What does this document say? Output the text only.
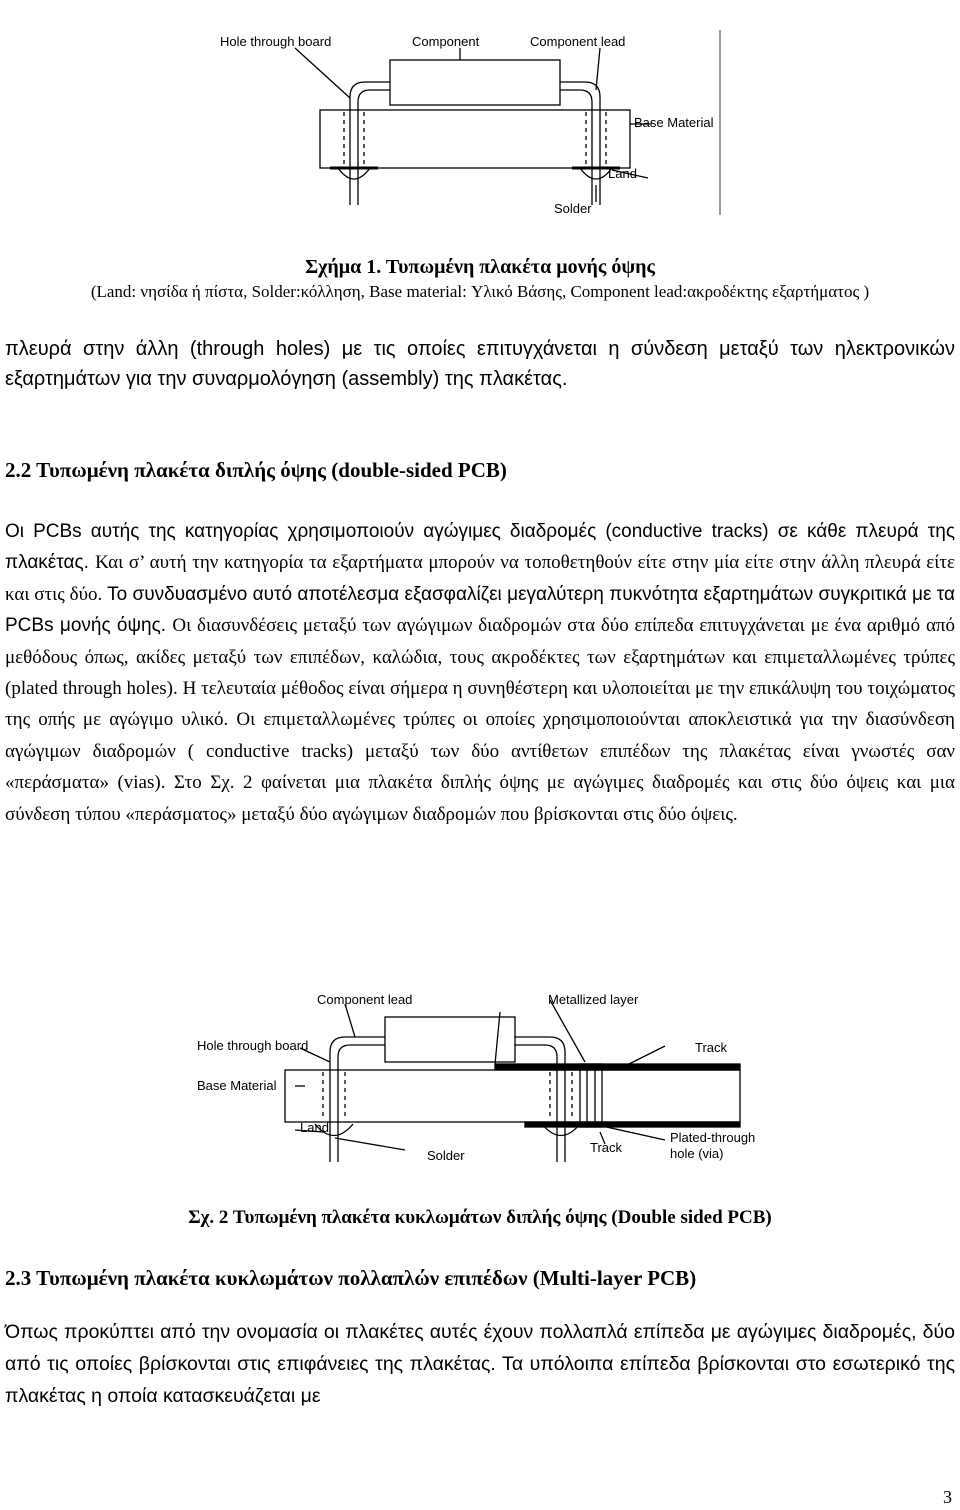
Hole through board	Component	Component lead
Base Material
Land
Solder
Σχήμα 1. Τυπωμένη πλακέτα μονής όψης
(Land: νησίδα ή πίστα, Solder:κόλληση, Base material: Υλικό Βάσης, Component lead:ακροδέκτης εξαρτήματος )
πλευρά στην άλλη (through holes) με τις οποίες επιτυγχάνεται η σύνδεση μεταξύ των ηλεκτρονικών εξαρτημάτων για την συναρμολόγηση (assembly) της πλακέτας.
2.2 Τυπωμένη πλακέτα διπλής όψης (double-sided PCB)
Οι PCBs αυτής της κατηγορίας χρησιμοποιούν αγώγιμες διαδρομές (conductive tracks) σε κάθε πλευρά της πλακέτας. Και σ’ αυτή την κατηγορία τα εξαρτήματα μπορούν να τοποθετηθούν είτε στην μία είτε στην άλλη πλευρά είτε και στις δύο. Το συνδυασμένο αυτό αποτέλεσμα εξασφαλίζει μεγαλύτερη πυκνότητα εξαρτημάτων συγκριτικά με τα PCBs μονής όψης. Οι διασυνδέσεις μεταξύ των αγώγιμων διαδρομών στα δύο επίπεδα επιτυγχάνεται με ένα αριθμό από μεθόδους όπως, ακίδες μεταξύ των επιπέδων, καλώδια, τους ακροδέκτες των εξαρτημάτων και επιμεταλλωμένες τρύπες (plated through holes). Η τελευταία μέθοδος είναι σήμερα η συνηθέστερη και υλοποιείται με την επικάλυψη του τοιχώματος της οπής με αγώγιμο υλικό. Οι επιμεταλλωμένες τρύπες οι οποίες χρησιμοποιούνται αποκλειστικά για την διασύνδεση αγώγιμων διαδρομών ( conductive tracks) μεταξύ των δύο αντίθετων επιπέδων της πλακέτας είναι γνωστές σαν «περάσματα» (vias). Στο Σχ. 2 φαίνεται μια πλακέτα διπλής όψης με αγώγιμες διαδρομές και στις δύο όψεις και μια σύνδεση τύπου «περάσματος» μεταξύ δύο αγώγιμων διαδρομών που βρίσκονται στις δύο όψεις.
Component lead	Metallized layer
Hole through board
Base Material
Track
Land
Solder
Track
Plated-through
hole (via)
Σχ. 2 Τυπωμένη πλακέτα κυκλωμάτων διπλής όψης (Double sided PCB)
2.3 Τυπωμένη πλακέτα κυκλωμάτων πολλαπλών επιπέδων (Multi-layer PCB)
Όπως προκύπτει από την ονομασία οι πλακέτες αυτές έχουν πολλαπλά επίπεδα με αγώγιμες διαδρομές, δύο από τις οποίες βρίσκονται στις επιφάνειες της πλακέτας. Τα υπόλοιπα επίπεδα βρίσκονται στο εσωτερικό της πλακέτας η οποία κατασκευάζεται με
3
